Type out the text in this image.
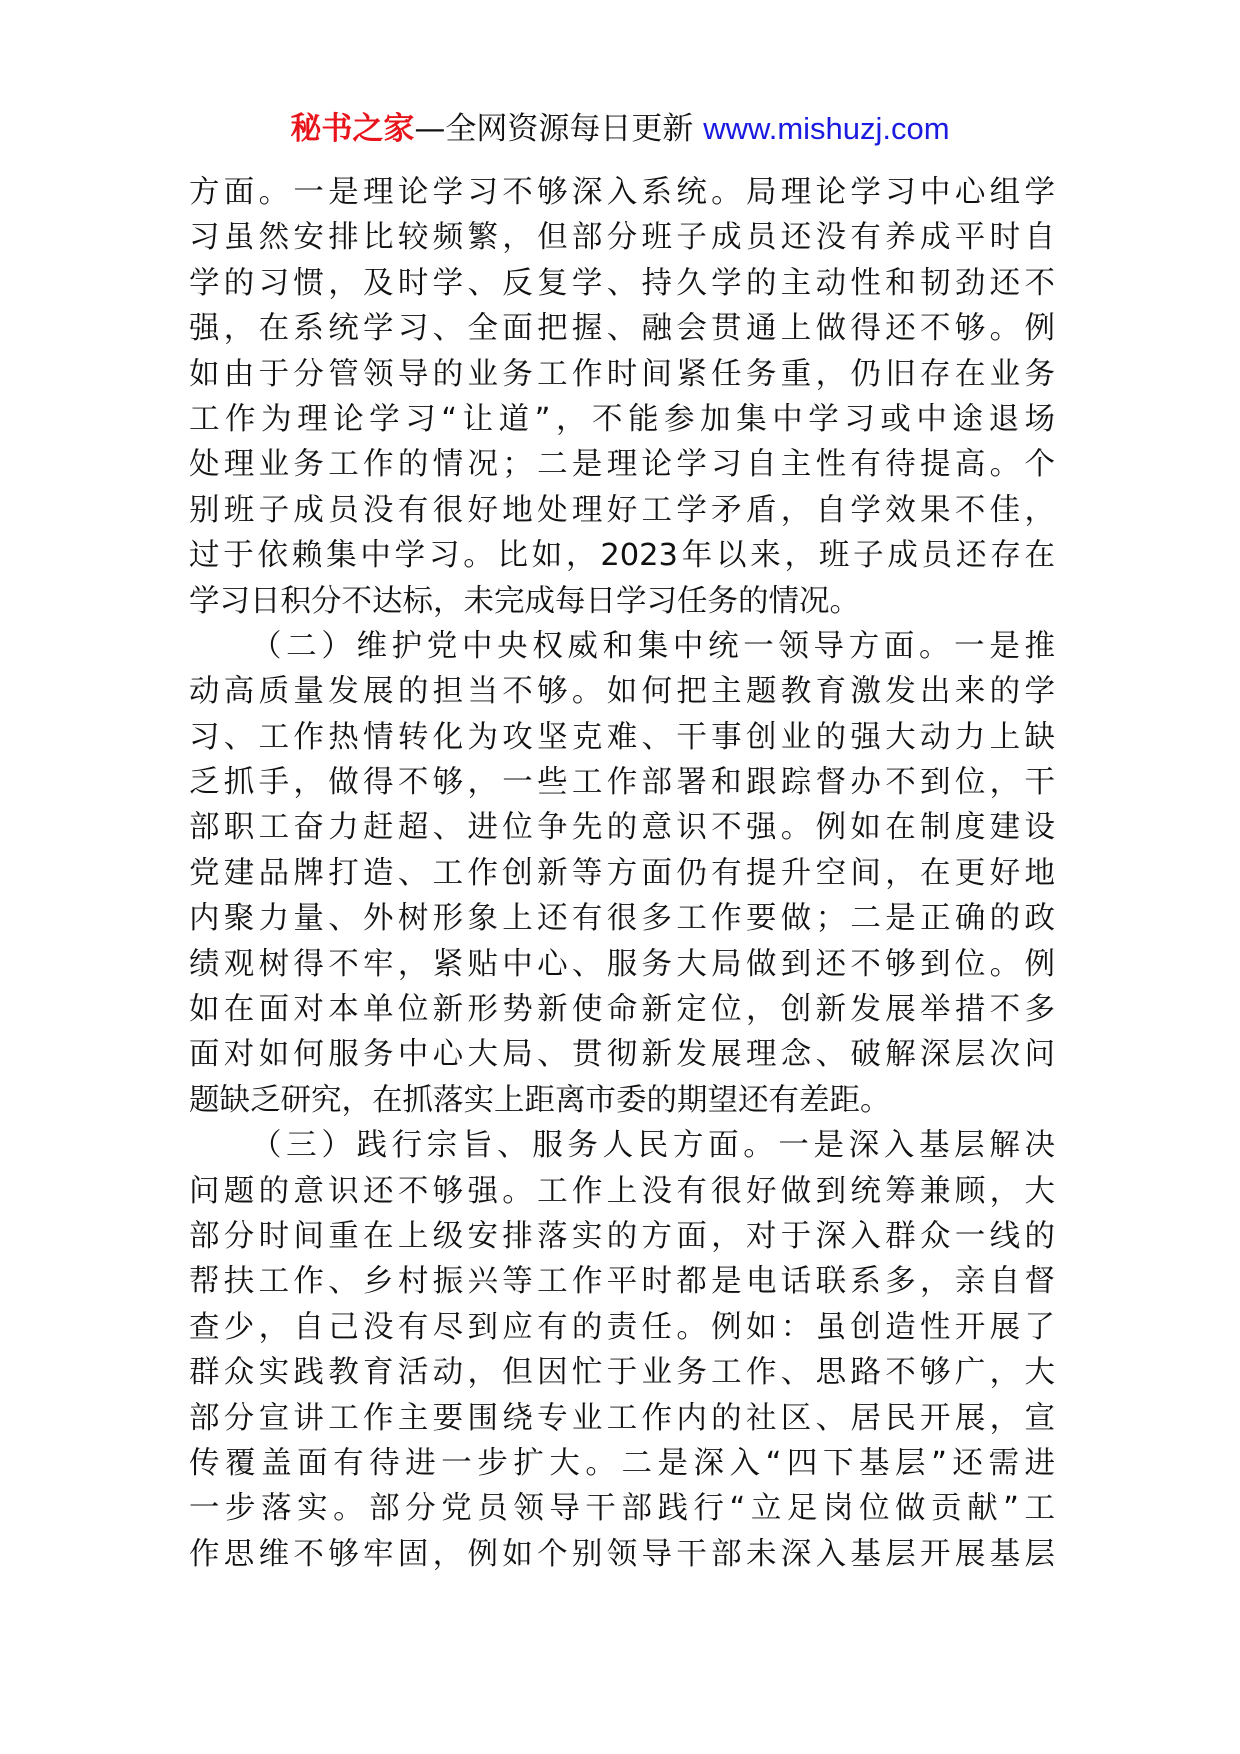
秘书之家—全网资源每日更新 www.mishuzj.com
方面。一是理论学习不够深入系统。局理论学习中心组学
习虽然安排比较频繁，但部分班子成员还没有养成平时自
学的习惯，及时学、反复学、持久学的主动性和韧劲还不
强，在系统学习、全面把握、融会贯通上做得还不够。例
如由于分管领导的业务工作时间紧任务重，仍旧存在业务
工作为理论学习“让道”，不能参加集中学习或中途退场
处理业务工作的情况；二是理论学习自主性有待提高。个
别班子成员没有很好地处理好工学矛盾，自学效果不佳，
过于依赖集中学习。比如，2023年以来，班子成员还存在
学习日积分不达标，未完成每日学习任务的情况。
（二）维护党中央权威和集中统一领导方面。一是推
动高质量发展的担当不够。如何把主题教育激发出来的学
习、工作热情转化为攻坚克难、干事创业的强大动力上缺
乏抓手，做得不够，一些工作部署和跟踪督办不到位，干
部职工奋力赶超、进位争先的意识不强。例如在制度建设
党建品牌打造、工作创新等方面仍有提升空间，在更好地
内聚力量、外树形象上还有很多工作要做；二是正确的政
绩观树得不牢，紧贴中心、服务大局做到还不够到位。例
如在面对本单位新形势新使命新定位，创新发展举措不多
面对如何服务中心大局、贯彻新发展理念、破解深层次问
题缺乏研究，在抓落实上距离市委的期望还有差距。
（三）践行宗旨、服务人民方面。一是深入基层解决
问题的意识还不够强。工作上没有很好做到统筹兼顾，大
部分时间重在上级安排落实的方面，对于深入群众一线的
帮扶工作、乡村振兴等工作平时都是电话联系多，亲自督
查少，自己没有尽到应有的责任。例如：虽创造性开展了
群众实践教育活动，但因忙于业务工作、思路不够广，大
部分宣讲工作主要围绕专业工作内的社区、居民开展，宣
传覆盖面有待进一步扩大。二是深入“四下基层”还需进
一步落实。部分党员领导干部践行“立足岗位做贡献”工
作思维不够牢固，例如个别领导干部未深入基层开展基层
